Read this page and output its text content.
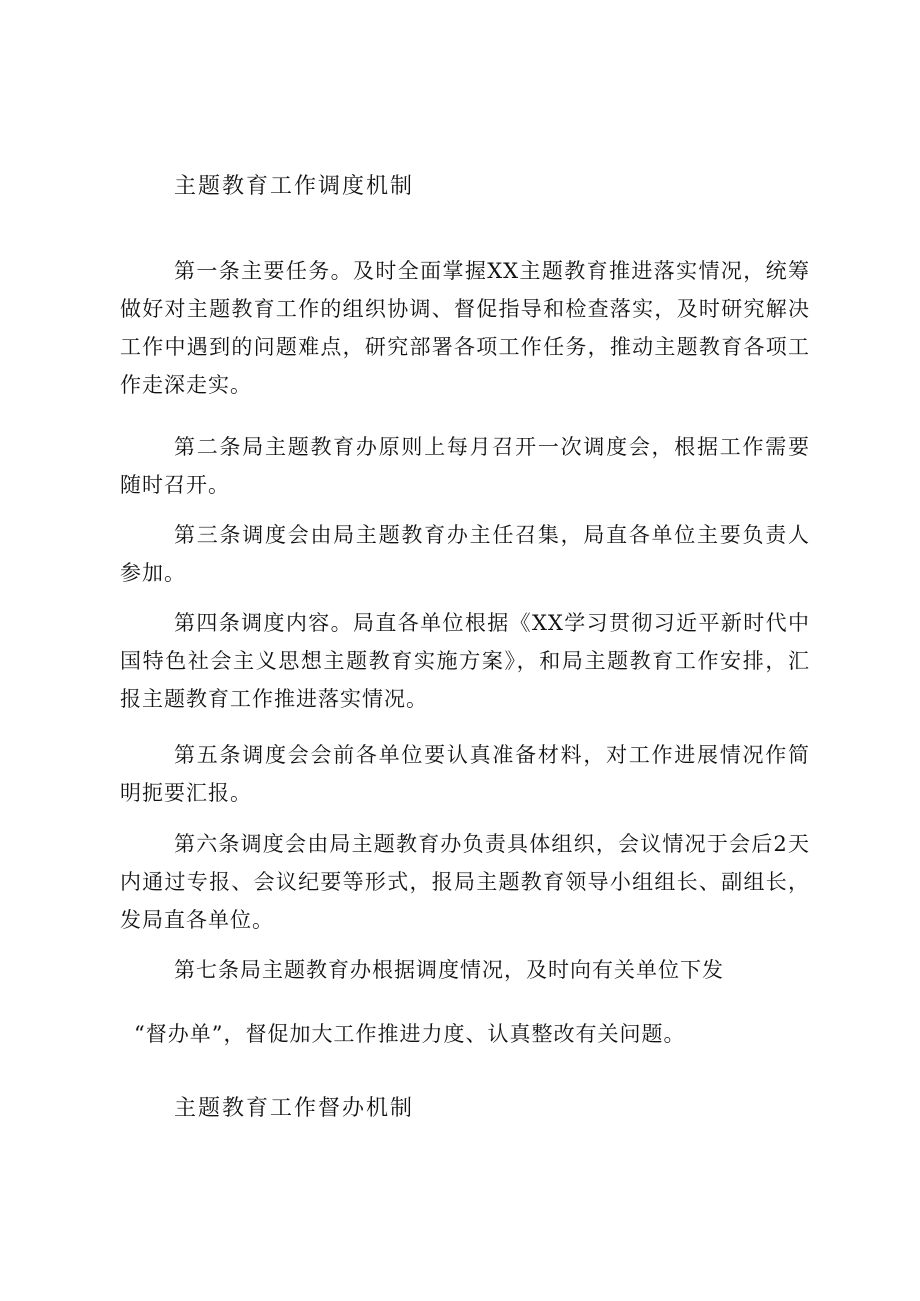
主题教育工作调度机制
第一条主要任务。及时全面掌握XX主题教育推进落实情况，统筹做好对主题教育工作的组织协调、督促指导和检查落实，及时研究解决工作中遇到的问题难点，研究部署各项工作任务，推动主题教育各项工作走深走实。
第二条局主题教育办原则上每月召开一次调度会，根据工作需要随时召开。
第三条调度会由局主题教育办主任召集，局直各单位主要负责人参加。
第四条调度内容。局直各单位根据《XX学习贯彻习近平新时代中国特色社会主义思想主题教育实施方案》，和局主题教育工作安排，汇报主题教育工作推进落实情况。
第五条调度会会前各单位要认真准备材料，对工作进展情况作简明扼要汇报。
第六条调度会由局主题教育办负责具体组织，会议情况于会后2天内通过专报、会议纪要等形式，报局主题教育领导小组组长、副组长，发局直各单位。
第七条局主题教育办根据调度情况，及时向有关单位下发
“督办单”，督促加大工作推进力度、认真整改有关问题。
主题教育工作督办机制
